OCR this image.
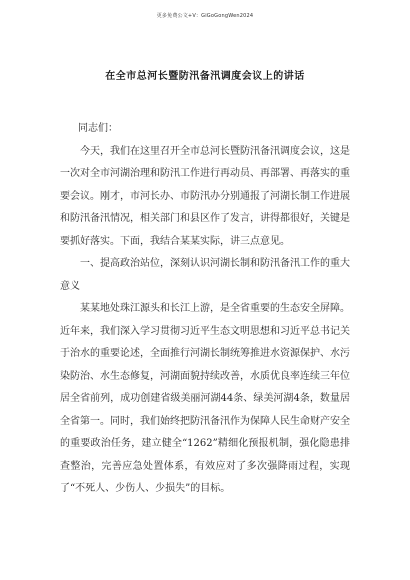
更多免费公文+V：GiGoGongWen2024
在全市总河长暨防汛备汛调度会议上的讲话

同志们：

今天，我们在这里召开全市总河长暨防汛备汛调度会议，这是一次对全市河湖治理和防汛工作进行再动员、再部署、再落实的重要会议。刚才，市河长办、市防汛办分别通报了河湖长制工作进展和防汛备汛情况，相关部门和县区作了发言，讲得都很好，关键是要抓好落实。下面，我结合某某实际，讲三点意见。

一、提高政治站位，深刻认识河湖长制和防汛备汛工作的重大意义

某某地处珠江源头和长江上游，是全省重要的生态安全屏障。近年来，我们深入学习贯彻习近平生态文明思想和习近平总书记关于治水的重要论述，全面推行河湖长制统筹推进水资源保护、水污染防治、水生态修复，河湖面貌持续改善，水质优良率连续三年位居全省前列，成功创建省级美丽河湖44条、绿美河湖4条，数量居全省第一。同时，我们始终把防汛备汛作为保障人民生命财产安全的重要政治任务，建立健全“1262”精细化预报机制，强化隐患排查整治，完善应急处置体系，有效应对了多次强降雨过程，实现了“不死人、少伤人、少损失”的目标。
